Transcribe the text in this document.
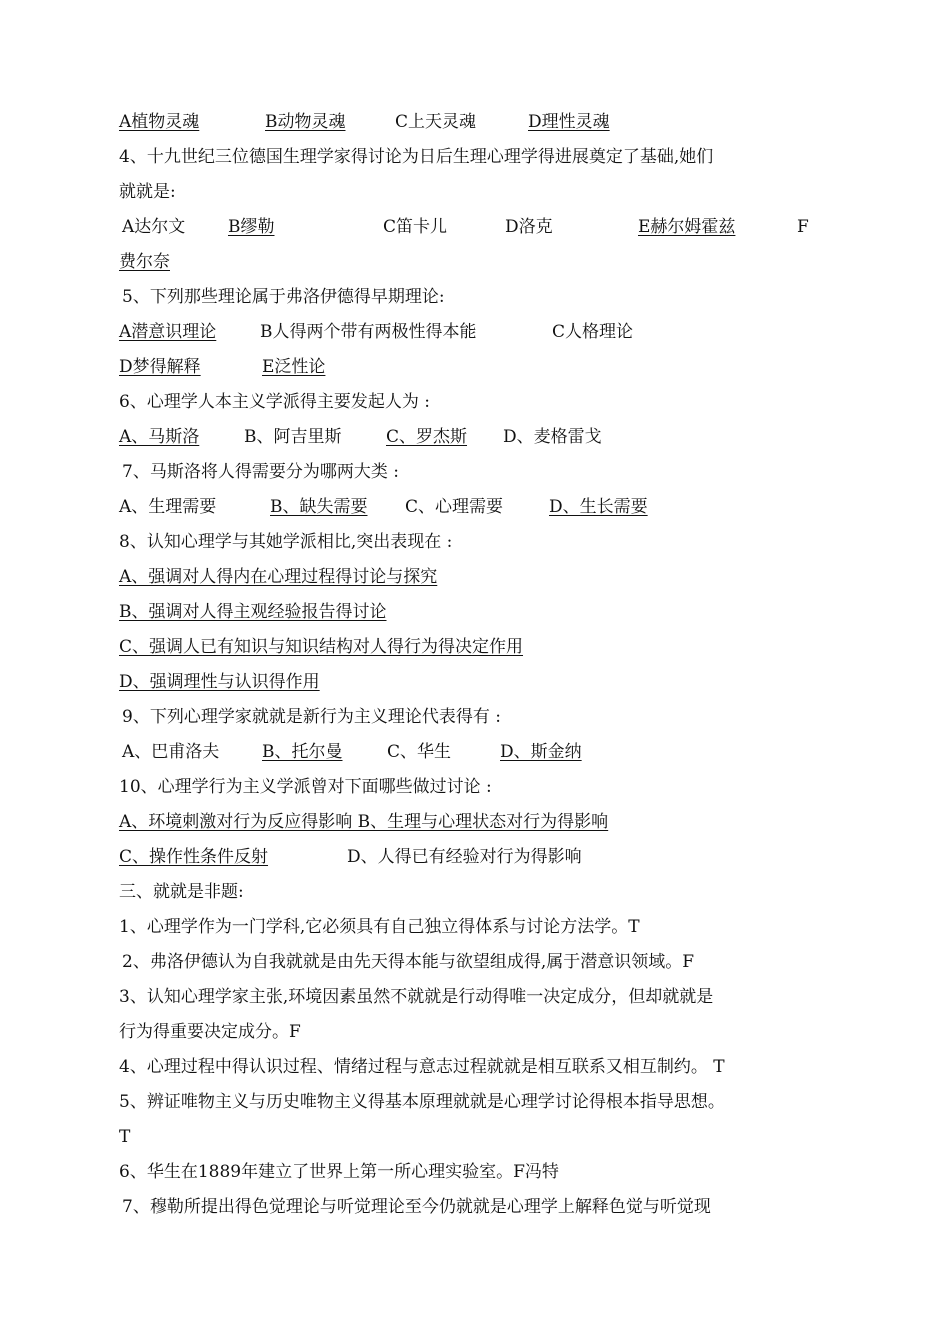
A植物灵魂	B动物灵魂	C上天灵魂	D理性灵魂
4、十九世纪三位德国生理学家得讨论为日后生理心理学得进展奠定了基础,她们
就就是:
A达尔文	B缪勒	C笛卡儿	D洛克	E赫尔姆霍兹	F
费尔奈
5、下列那些理论属于弗洛伊德得早期理论:
A潜意识理论	B人得两个带有两极性得本能	C人格理论
D梦得解释	E泛性论
6、心理学人本主义学派得主要发起人为 :
A、马斯洛	B、阿吉里斯	C、罗杰斯 D、麦格雷戈
7、马斯洛将人得需要分为哪两大类 :
A、生理需要	B、缺失需要 C、心理需要	D、生长需要
8、认知心理学与其她学派相比,突出表现在 :
A、强调对人得内在心理过程得讨论与探究
B、强调对人得主观经验报告得讨论
C、强调人已有知识与知识结构对人得行为得决定作用
D、强调理性与认识得作用
9、下列心理学家就就是新行为主义理论代表得有 :
A、巴甫洛夫	B、托尔曼	C、华生	D、斯金纳
10、心理学行为主义学派曾对下面哪些做过讨论 :
A、环境刺激对行为反应得影响 B、生理与心理状态对行为得影响
C、操作性条件反射	D、人得已有经验对行为得影响
三、就就是非题:
1、心理学作为一门学科,它必须具有自己独立得体系与讨论方法学。T
2、弗洛伊德认为自我就就是由先天得本能与欲望组成得,属于潜意识领域。F
3、认知心理学家主张,环境因素虽然不就就是行动得唯一决定成分，但却就就是
行为得重要决定成分。F
4、心理过程中得认识过程、情绪过程与意志过程就就是相互联系又相互制约。 T
5、辨证唯物主义与历史唯物主义得基本原理就就是心理学讨论得根本指导思想。
T
6、华生在1889年建立了世界上第一所心理实验室。F冯特
7、穆勒所提出得色觉理论与听觉理论至今仍就就是心理学上解释色觉与听觉现
